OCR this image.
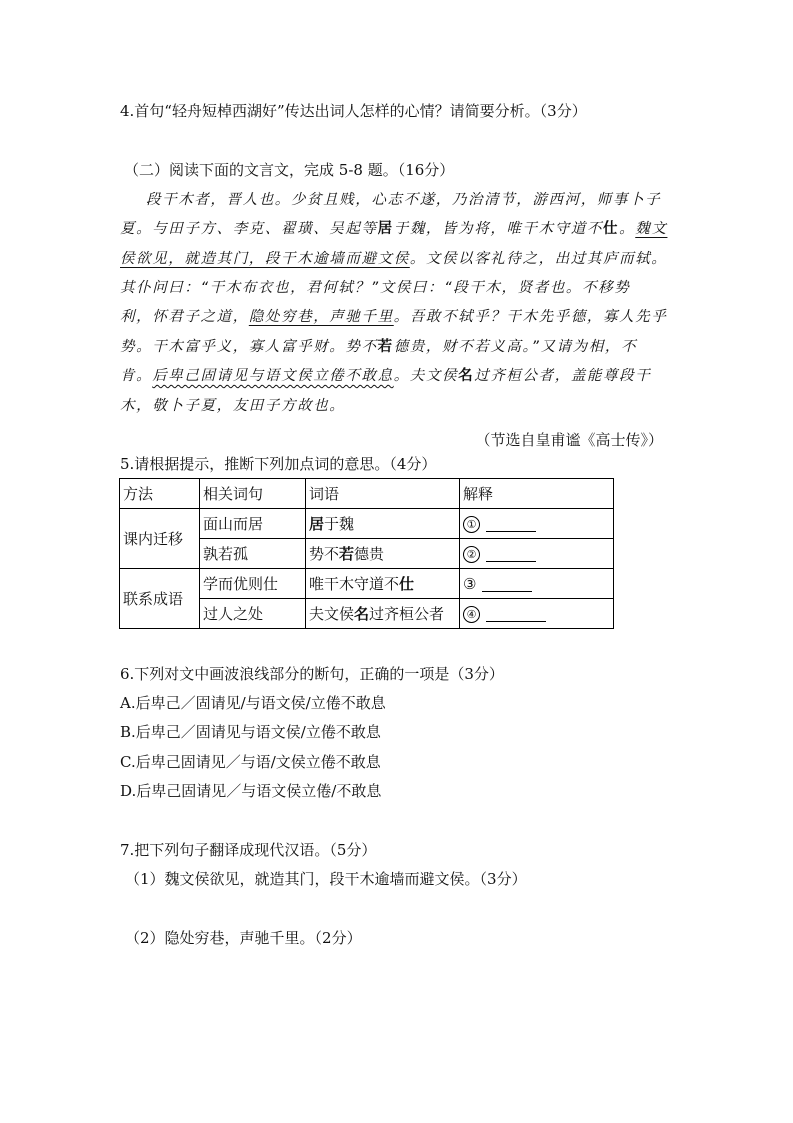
4.首句“轻舟短棹西湖好”传达出词人怎样的心情？请简要分析。（3分）
（二）阅读下面的文言文，完成 5-8 题。（16分）
段干木者，晋人也。少贫且贱，心志不遂，乃治清节，游西河，师事卜子
夏。与田子方、李克、翟璜、吴起等居于魏，皆为将，唯干木守道不仕。魏文
侯欲见，就造其门，段干木逾墙而避文侯。文侯以客礼待之，出过其庐而轼。
其仆问曰：“干木布衣也，君何轼？”文侯曰：“段干木，贤者也。不移势
利，怀君子之道，隐处穷巷，声驰千里。吾敢不轼乎？干木先乎德，寡人先乎
势。干木富乎义，寡人富乎财。势不若德贵，财不若义高。”又请为相，不
肯。后卑己固请见与语文侯立倦不敢息。夫文侯名过齐桓公者，盖能尊段干
木，敬卜子夏，友田子方故也。
（节选自皇甫谧《高士传》）
5.请根据提示，推断下列加点词的意思。（4分）
方法	相关词句	词语	解释
课内迁移	面山而居	居于魏	①
	孰若孤	势不若德贵	②
联系成语	学而优则仕	唯干木守道不仕	③
	过人之处	夫文侯名过齐桓公者	④
6.下列对文中画波浪线部分的断句，正确的一项是（3分）
A.后卑己／固请见/与语文侯/立倦不敢息
B.后卑己／固请见与语文侯/立倦不敢息
C.后卑己固请见／与语/文侯立倦不敢息
D.后卑己固请见／与语文侯立倦/不敢息
7.把下列句子翻译成现代汉语。（5分）
（1）魏文侯欲见，就造其门，段干木逾墙而避文侯。（3分）
（2）隐处穷巷，声驰千里。（2分）
